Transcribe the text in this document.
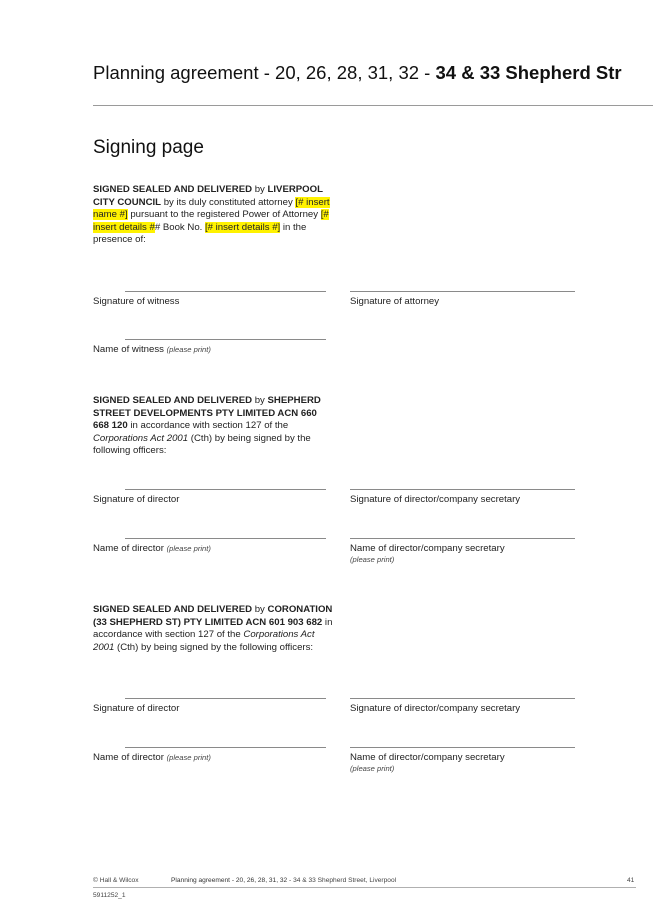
Planning agreement - 20, 26, 28, 31, 32 - 34 & 33 Shepherd Str
Signing page
SIGNED SEALED AND DELIVERED by LIVERPOOL CITY COUNCIL by its duly constituted attorney [# insert name #] pursuant to the registered Power of Attorney [# insert details ## Book No. [# insert details #] in the presence of:
Signature of witness	Signature of attorney
Name of witness (please print)
SIGNED SEALED AND DELIVERED by SHEPHERD STREET DEVELOPMENTS PTY LIMITED ACN 660 668 120 in accordance with section 127 of the Corporations Act 2001 (Cth) by being signed by the following officers:
Signature of director	Signature of director/company secretary
Name of director (please print)	Name of director/company secretary
(please print)
SIGNED SEALED AND DELIVERED by CORONATION (33 SHEPHERD ST) PTY LIMITED ACN 601 903 682 in accordance with section 127 of the Corporations Act 2001 (Cth) by being signed by the following officers:
Signature of director	Signature of director/company secretary
Name of director (please print)	Name of director/company secretary
(please print)
© Hall & Wilcox	Planning agreement - 20, 26, 28, 31, 32 - 34 & 33 Shepherd Street, Liverpool	41
5911252_1
